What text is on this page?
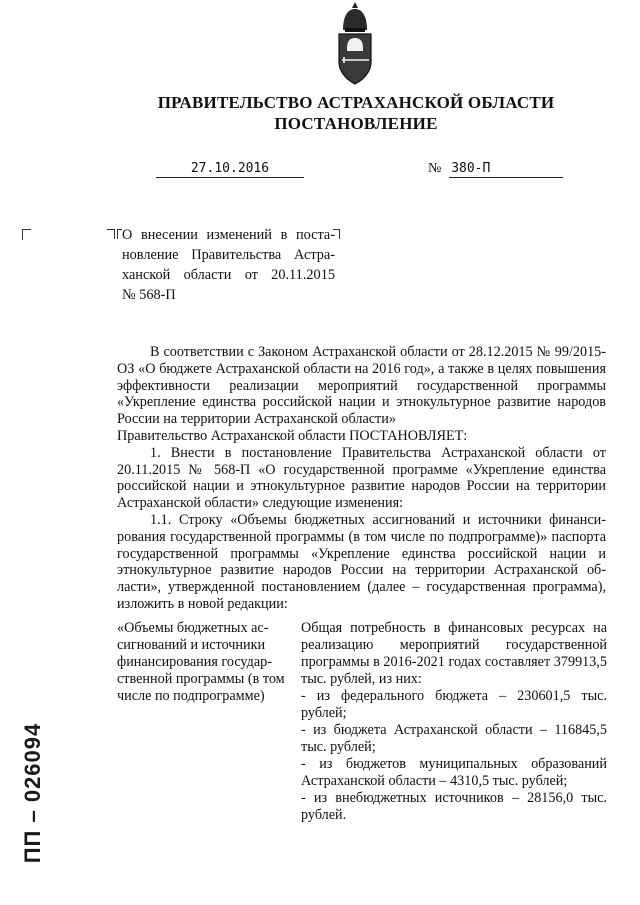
ПРАВИТЕЛЬСТВО АСТРАХАНСКОЙ ОБЛАСТИ
ПОСТАНОВЛЕНИЕ
27.10.2016	№ 380-П
О внесении изменений в поста-
новление Правительства Астра-
ханской области от 20.11.2015
№ 568-П

В соответствии с Законом Астраханской области от 28.12.2015 № 99/2015-ОЗ «О бюджете Астраханской области на 2016 год», а также в целях повышения эффективности реализации мероприятий государственной программы «Укрепление единства российской нации и этнокультурное развитие народов России на территории Астраханской области»

Правительство Астраханской области ПОСТАНОВЛЯЕТ:

1. Внести в постановление Правительства Астраханской области от 20.11.2015 № 568-П «О государственной программе «Укрепление единства российской нации и этнокультурное развитие народов России на территории Астраханской области» следующие изменения:

1.1. Строку «Объемы бюджетных ассигнований и источники финансирования государственной программы (в том числе по подпрограмме)» паспорта государственной программы «Укрепление единства российской нации и этнокультурное развитие народов России на территории Астраханской области», утвержденной постановлением (далее – государственная программа), изложить в новой редакции:

«Объемы бюджетных ассигнований и источники финансирования государственной программы (в том числе по подпрограмме)

Общая потребность в финансовых ресурсах на реализацию мероприятий государственной программы в 2016-2021 годах составляет 379913,5 тыс. рублей, из них:

- из федерального бюджета – 230601,5 тыс. рублей;

- из бюджета Астраханской области – 116845,5 тыс. рублей;

- из бюджетов муниципальных образований Астраханской области – 4310,5 тыс. рублей;

- из внебюджетных источников – 28156,0 тыс. рублей.

ПП – 026094
